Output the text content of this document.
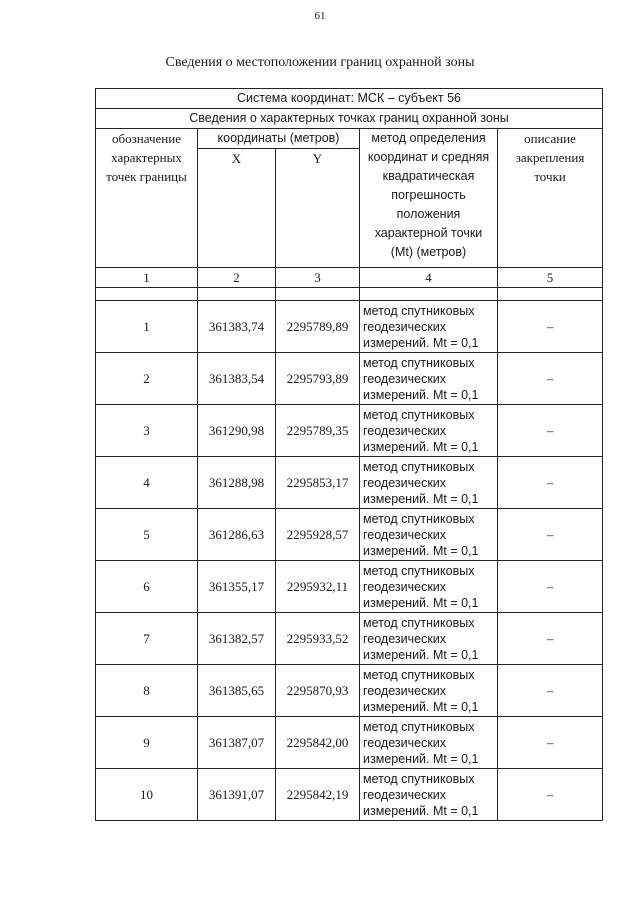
61
Сведения о местоположении границ охранной зоны
Система координат: МСК – субъект 56				
Сведения о характерных точках границ охранной зоны				
обозначение характерных точек границы	координаты (метров)		метод определения координат и средняя квадратическая погрешность положения характерной точки (Mt) (метров)	описание закрепления точки
	X	Y		
1	2	3	4	5

1	361383,74	2295789,89	метод спутниковых геодезических измерений. Mt = 0,1	–
2	361383,54	2295793,89	метод спутниковых геодезических измерений. Mt = 0,1	–
3	361290,98	2295789,35	метод спутниковых геодезических измерений. Mt = 0,1	–
4	361288,98	2295853,17	метод спутниковых геодезических измерений. Mt = 0,1	–
5	361286,63	2295928,57	метод спутниковых геодезических измерений. Mt = 0,1	–
6	361355,17	2295932,11	метод спутниковых геодезических измерений. Mt = 0,1	–
7	361382,57	2295933,52	метод спутниковых геодезических измерений. Mt = 0,1	–
8	361385,65	2295870,93	метод спутниковых геодезических измерений. Mt = 0,1	–
9	361387,07	2295842,00	метод спутниковых геодезических измерений. Mt = 0,1	–
10	361391,07	2295842,19	метод спутниковых геодезических измерений. Mt = 0,1	–
